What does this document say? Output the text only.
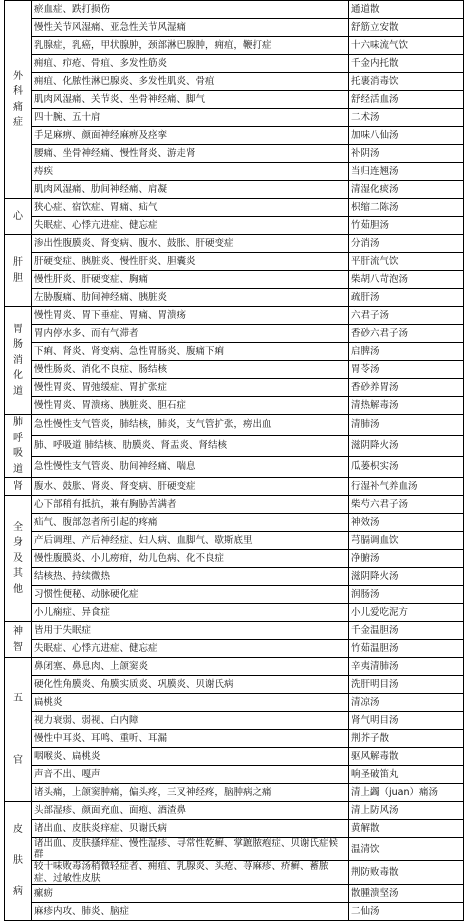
外
科
痛
症	瘀血症、跌打损伤	通道散
	慢性关节风湿痛、亚急性关节风湿痛	舒筋立安散
	乳腺症，乳癌，甲状腺肿，颈部淋巴腺肿，痈疽，鞭打症	十六味流气饮
	痈疽、疖疮、骨疽、多发性筋炎	千金内托散
	痈疽、化脓性淋巴腺炎、多发性肌炎、骨疽	托裹消毒饮
	肌肉风湿痛、关节炎、坐骨神经痛、脚气	舒经活血汤
	四十腕、五十肩	二术汤
	手足麻痹、颜面神经麻痹及痉挛	加味八仙汤
	腰痛、坐骨神经痛、慢性肾炎、游走肾	补阴汤
	痔疾	当归连翘汤
	肌肉风湿痛、肋间神经痛、肩凝	清湿化痰汤
心	狭心症、宿饮症、胃痛、疝气	枳缩二陈汤
	失眠症、心悸亢进症、健忘症	竹茹胆汤
肝
胆	渗出性腹膜炎、肾变病、腹水、鼓胀、肝硬变症	分消汤
	肝硬变症、胰脏炎、慢性肝炎、胆囊炎	平肝流气饮
	慢性肝炎、肝硬变症、胸痛	柴胡八苛泡汤
	左胁腹痛、肋间神经痛、胰脏炎	疏肝汤
胃
肠
消
化
道	慢性胃炎、胃下垂症、胃痛、胃溃疡	六君子汤
	胃内停水多、而有气滞者	香砂六君子汤
	下痢、肾炎、肾变病、急性胃肠炎、腹痛下痢	启脾汤
	慢性肠炎、消化不良症、肠结核	胃苓汤
	慢性胃炎、胃弛缓症、胃扩张症	香砂养胃汤
	慢性胃炎、胃溃疡、胰脏炎、胆石症	清热解毒汤
肺
呼　吸
道	急性慢性支气管炎，肺结核，肺炎，支气管扩张，痨出血	清肺汤
	肺、呼吸道 肺结核、肋膜炎、肾盂炎、肾结核	滋阴降火汤
	急性慢性支气管炎、肋间神经痛、喘息	瓜蒌枳实汤
肾	腹水、鼓胀、肾炎、肾变病、肝硬变症	行湿补气养血汤
全
身
及
其
他	心下部稍有抵抗，兼有胸胁苦满者	柴芍六君子汤
	疝气、腹部忽者所引起的疼痛	神效汤
	产后调理、产后神经症、妇人病、血脚气、歇斯底里	芎膈调血饮
	慢性腹膜炎、小儿痨疳，幼儿色病、化不良症	净腑汤
	结核热、持续微热	滋阴降火汤
	习惯性便秘、动脉硬化症	润肠汤
	小儿痫症、异食症	小儿爱吃泥方
神
智	皆用于失眠症	千金温胆汤
	失眠症、心悸亢进症、健忘症	竹茹温胆汤
五

官	鼻闭塞、鼻息肉、上颌窦炎	辛夷清肺汤
	硬化性角膜炎、角膜实质炎、巩膜炎、贝谢氏病	洗肝明目汤
	扁桃炎	清凉汤
	视力衰弱、弱视、白内障	肾气明目汤
	慢性中耳炎、耳鸣、重听、耳漏	荆芥子散
	咽喉炎、扁桃炎	驱风解毒散
	声音不出、嘎声	响圣破笛丸
	诸头痛，上颌窦肿痛，偏头疼，三叉神经疼，脑肿病之痛	清上蠲（juan）痛汤
皮

肤

病	头部湿疹、颜面充血、面疱、酒渣鼻	清上防风汤
	诸出血、皮肤炎痒症、贝谢氏病	黄解散
	诸出血、皮肤搔痒症、慢性湿疹、寻常性乾癣、掌蹠脓疱症、贝谢氏症候群	温清饮
	较十味败毒汤稍微轻症者、痈疽、乳腺炎、头疮、荨麻疹、疥癣、蓄脓症、过敏性皮肤	荆防败毒散
	瘰疬	散腫溃坚汤
	麻疹内攻、肺炎、脑症	二仙汤
